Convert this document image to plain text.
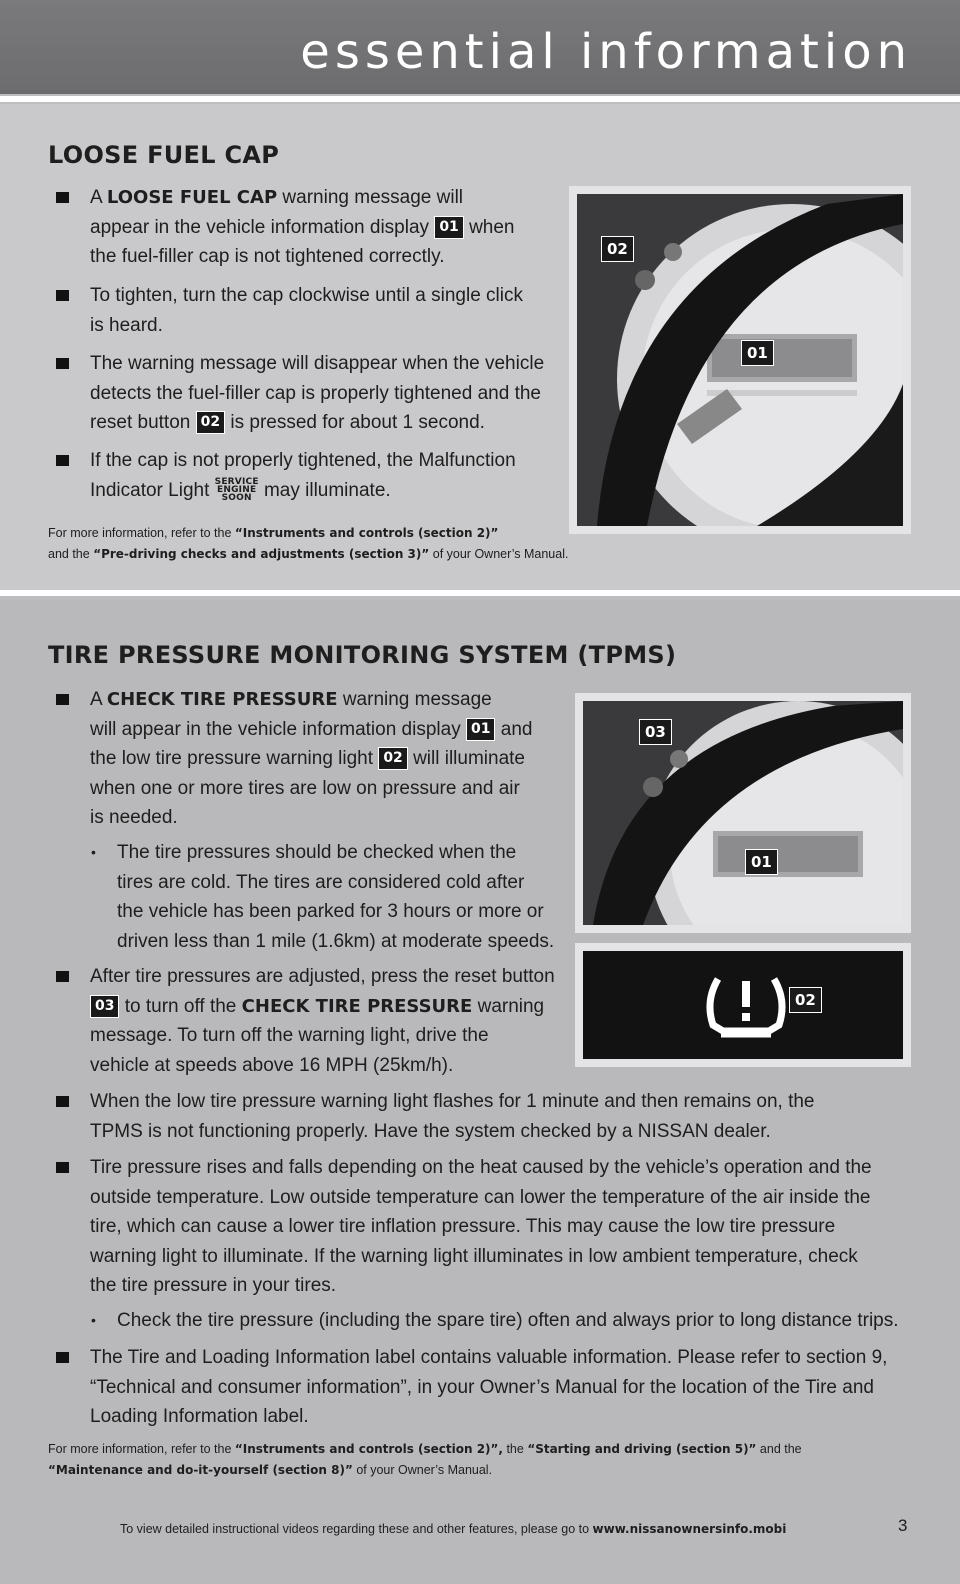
essential information
LOOSE FUEL CAP
A LOOSE FUEL CAP warning message will
appear in the vehicle information display 01 when
the fuel-filler cap is not tightened correctly.
To tighten, turn the cap clockwise until a single click
is heard.
The warning message will disappear when the vehicle
detects the fuel-filler cap is properly tightened and the
reset button 02 is pressed for about 1 second.
If the cap is not properly tightened, the Malfunction
Indicator Light SERVICE
ENGINE
SOON may illuminate.
For more information, refer to the “Instruments and controls (section 2)”
and the “Pre-driving checks and adjustments (section 3)” of your Owner’s Manual.
02
01
TIRE PRESSURE MONITORING SYSTEM (TPMS)
A CHECK TIRE PRESSURE warning message
will appear in the vehicle information display 01 and
the low tire pressure warning light 02 will illuminate
when one or more tires are low on pressure and air
is needed.
• The tire pressures should be checked when the
tires are cold. The tires are considered cold after
the vehicle has been parked for 3 hours or more or
driven less than 1 mile (1.6km) at moderate speeds.
After tire pressures are adjusted, press the reset button
03 to turn off the CHECK TIRE PRESSURE warning
message. To turn off the warning light, drive the
vehicle at speeds above 16 MPH (25km/h).
When the low tire pressure warning light flashes for 1 minute and then remains on, the
TPMS is not functioning properly. Have the system checked by a NISSAN dealer.
Tire pressure rises and falls depending on the heat caused by the vehicle’s operation and the
outside temperature. Low outside temperature can lower the temperature of the air inside the
tire, which can cause a lower tire inflation pressure. This may cause the low tire pressure
warning light to illuminate. If the warning light illuminates in low ambient temperature, check
the tire pressure in your tires.
• Check the tire pressure (including the spare tire) often and always prior to long distance trips.
The Tire and Loading Information label contains valuable information. Please refer to section 9,
“Technical and consumer information”, in your Owner’s Manual for the location of the Tire and
Loading Information label.
For more information, refer to the “Instruments and controls (section 2)”, the “Starting and driving (section 5)” and the
“Maintenance and do-it-yourself (section 8)” of your Owner’s Manual.
03
01
02
To view detailed instructional videos regarding these and other features, please go to www.nissanownersinfo.mobi	3
